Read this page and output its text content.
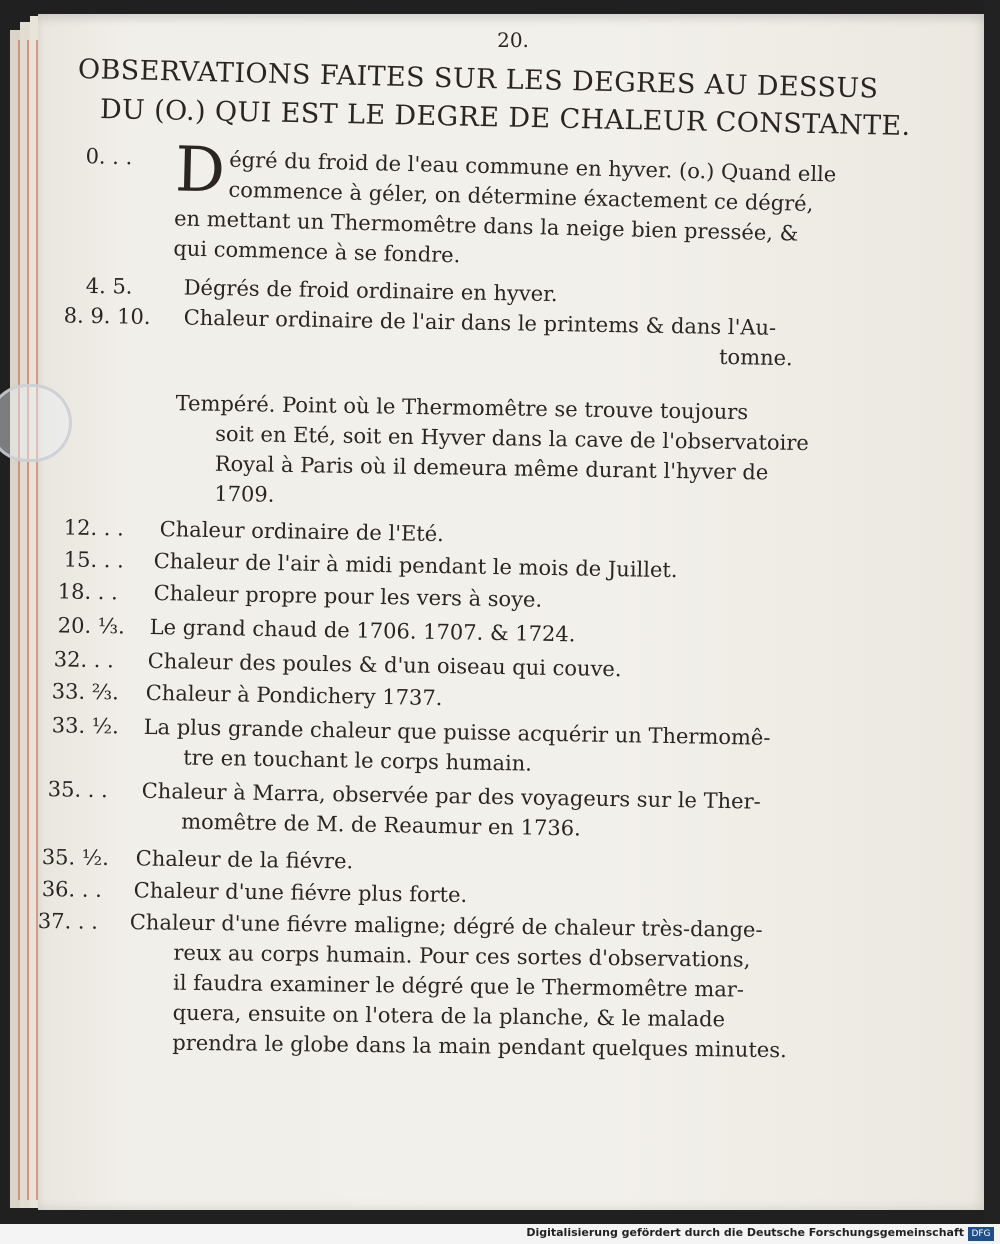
20.
OBSERVATIONS FAITES SUR LES DEGRES AU DESSUS
DU (O.) QUI EST LE DEGRE DE CHALEUR CONSTANTE.
0. . . D égré du froid de l'eau commune en hyver. (o.) Quand elle
commence à géler, on détermine éxactement ce dégré,
en mettant un Thermomêtre dans la neige bien pressée, &
qui commence à se fondre.
4. 5. Dégrés de froid ordinaire en hyver.
8. 9. 10. Chaleur ordinaire de l'air dans le printems & dans l'Au-
tomne.
Tempéré. Point où le Thermomêtre se trouve toujours
soit en Eté, soit en Hyver dans la cave de l'observatoire
Royal à Paris où il demeura même durant l'hyver de
1709.
12. . . Chaleur ordinaire de l'Eté.
15. . . Chaleur de l'air à midi pendant le mois de Juillet.
18. . . Chaleur propre pour les vers à soye.
20. ⅓. Le grand chaud de 1706. 1707. & 1724.
32. . . Chaleur des poules & d'un oiseau qui couve.
33. ⅔. Chaleur à Pondichery 1737.
33. ½. La plus grande chaleur que puisse acquérir un Thermomê-
tre en touchant le corps humain.
35. . . Chaleur à Marra, observée par des voyageurs sur le Ther-
momêtre de M. de Reaumur en 1736.
35. ½. Chaleur de la fiévre.
36. . . Chaleur d'une fiévre plus forte.
37. . . Chaleur d'une fiévre maligne; dégré de chaleur très-dange-
reux au corps humain. Pour ces sortes d'observations,
il faudra examiner le dégré que le Thermomêtre mar-
quera, ensuite on l'otera de la planche, & le malade
prendra le globe dans la main pendant quelques minutes.
Digitalisierung gefördert durch die Deutsche Forschungsgemeinschaft DFG
